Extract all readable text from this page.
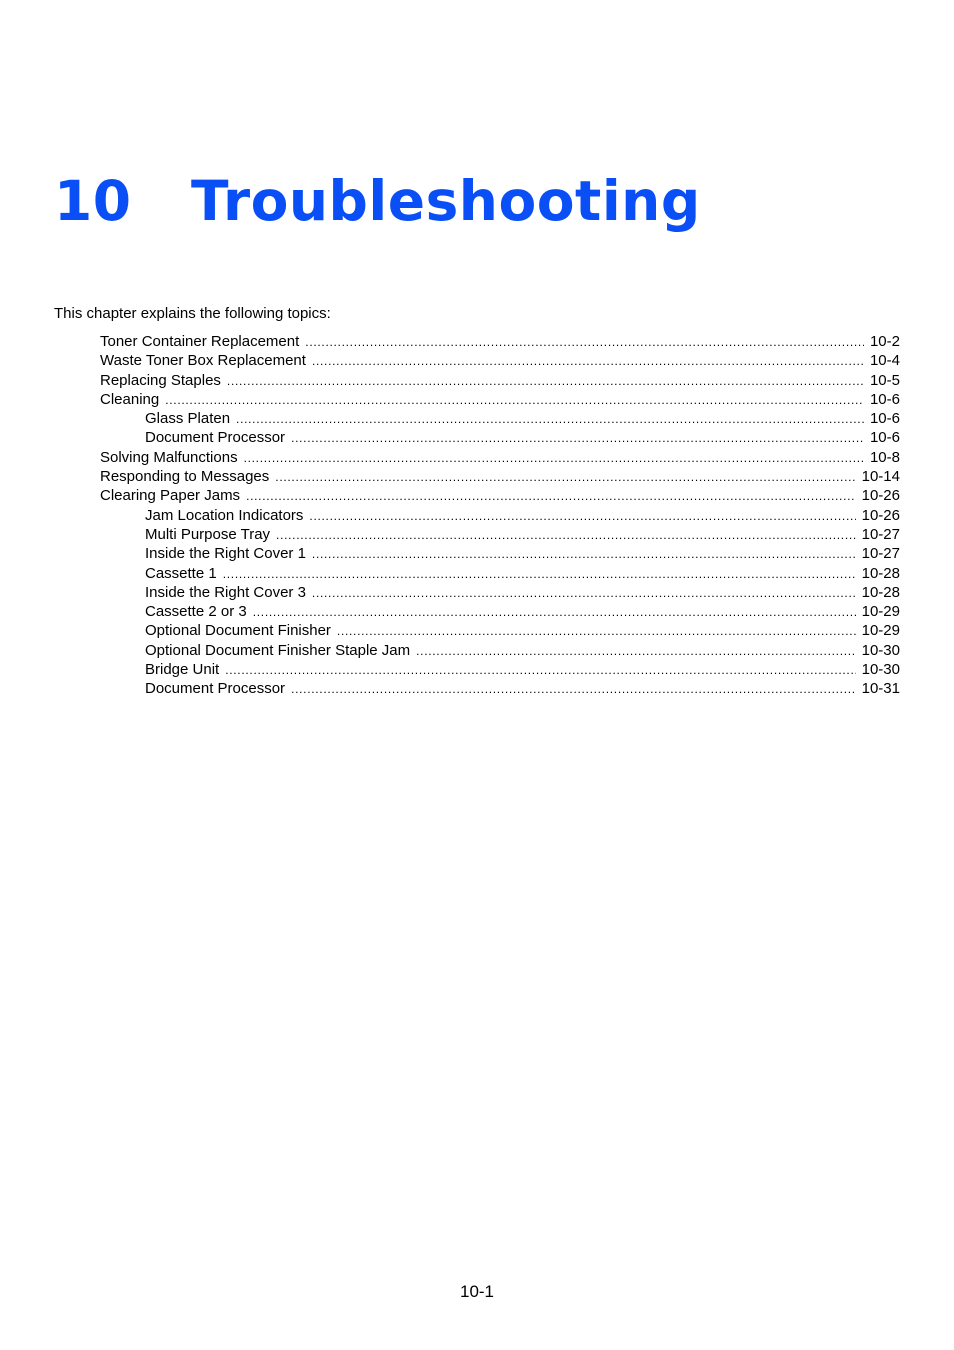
10 Troubleshooting

This chapter explains the following topics:

Toner Container Replacement .....	10-2
Waste Toner Box Replacement .....	10-4
Replacing Staples .....	10-5
Cleaning .....	10-6
Glass Platen .....	10-6
Document Processor .....	10-6
Solving Malfunctions .....	10-8
Responding to Messages .....	10-14
Clearing Paper Jams .....	10-26
Jam Location Indicators .....	10-26
Multi Purpose Tray .....	10-27
Inside the Right Cover 1 .....	10-27
Cassette 1 .....	10-28
Inside the Right Cover 3 .....	10-28
Cassette 2 or 3 .....	10-29
Optional Document Finisher .....	10-29
Optional Document Finisher Staple Jam .....	10-30
Bridge Unit .....	10-30
Document Processor .....	10-31

10-1
